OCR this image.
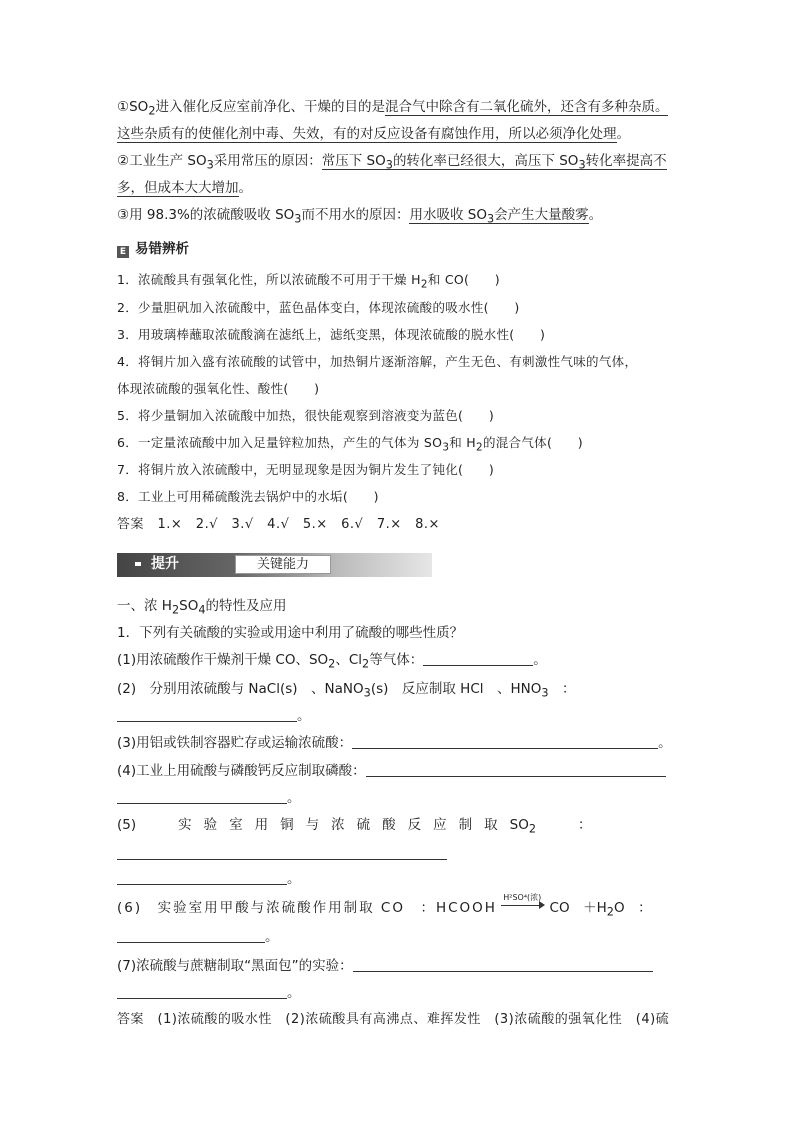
$①SO_2$进入催化反应室前净化、干燥的目的是混合气中除含有二氧化硫外，还含有多种杂质。
这些杂质有的使催化剂中毒、失效，有的对反应设备有腐蚀作用，所以必须净化处理。
②工业生产 $SO_3$采用常压的原因：常压下 $SO_3$的转化率已经很大，高压下 $SO_3$转化率提高不
多，但成本大大增加。
③用 98.3%的浓硫酸吸收 $SO_3$而不用水的原因：用水吸收 $SO_3$会产生大量酸雾。
E 易错辨析
1．浓硫酸具有强氧化性，所以浓硫酸不可用于干燥 $H_2$和 CO(　　)
2．少量胆矾加入浓硫酸中，蓝色晶体变白，体现浓硫酸的吸水性(　　)
3．用玻璃棒蘸取浓硫酸滴在滤纸上，滤纸变黑，体现浓硫酸的脱水性(　　)
4．将铜片加入盛有浓硫酸的试管中，加热铜片逐渐溶解，产生无色、有刺激性气味的气体，
体现浓硫酸的强氧化性、酸性(　　)
5．将少量铜加入浓硫酸中加热，很快能观察到溶液变为蓝色(　　)
6．一定量浓硫酸中加入足量锌粒加热，产生的气体为 $SO_3$和 $H_2$的混合气体(　　)
7．将铜片放入浓硫酸中，无明显现象是因为铜片发生了钝化(　　)
8．工业上可用稀硫酸洗去锅炉中的水垢(　　)
答案　1.×　2.√　3.√　4.√　5.×　6.√　7.×　8.×
提升	关键能力
一、浓 $H_2SO_4$的特性及应用
1．下列有关硫酸的实验或用途中利用了硫酸的哪些性质？
(1)用浓硫酸作干燥剂干燥 CO、$SO_2$、$Cl_2$等气体：	。
(2)　分别用浓硫酸与 NaCl(s)　、NaNO$_3$(s)　反应制取 HCl　、$HNO_3$　：
。
(3)用铝或铁制容器贮存或运输浓硫酸：	。
(4)工业上用硫酸与磷酸钙反应制取磷酸：
。
(5)	实验室用铜与浓硫酸反应制取$SO_2$	：
。
(6)　实验室用甲酸与浓硫酸作用制取 CO　：HCOOH
H²SO⁴(浓)
CO　$+H_2O$　：
。
(7)浓硫酸与蔗糖制取“黑面包”的实验：
。
答案　(1)浓硫酸的吸水性　(2)浓硫酸具有高沸点、难挥发性　(3)浓硫酸的强氧化性　(4)硫
